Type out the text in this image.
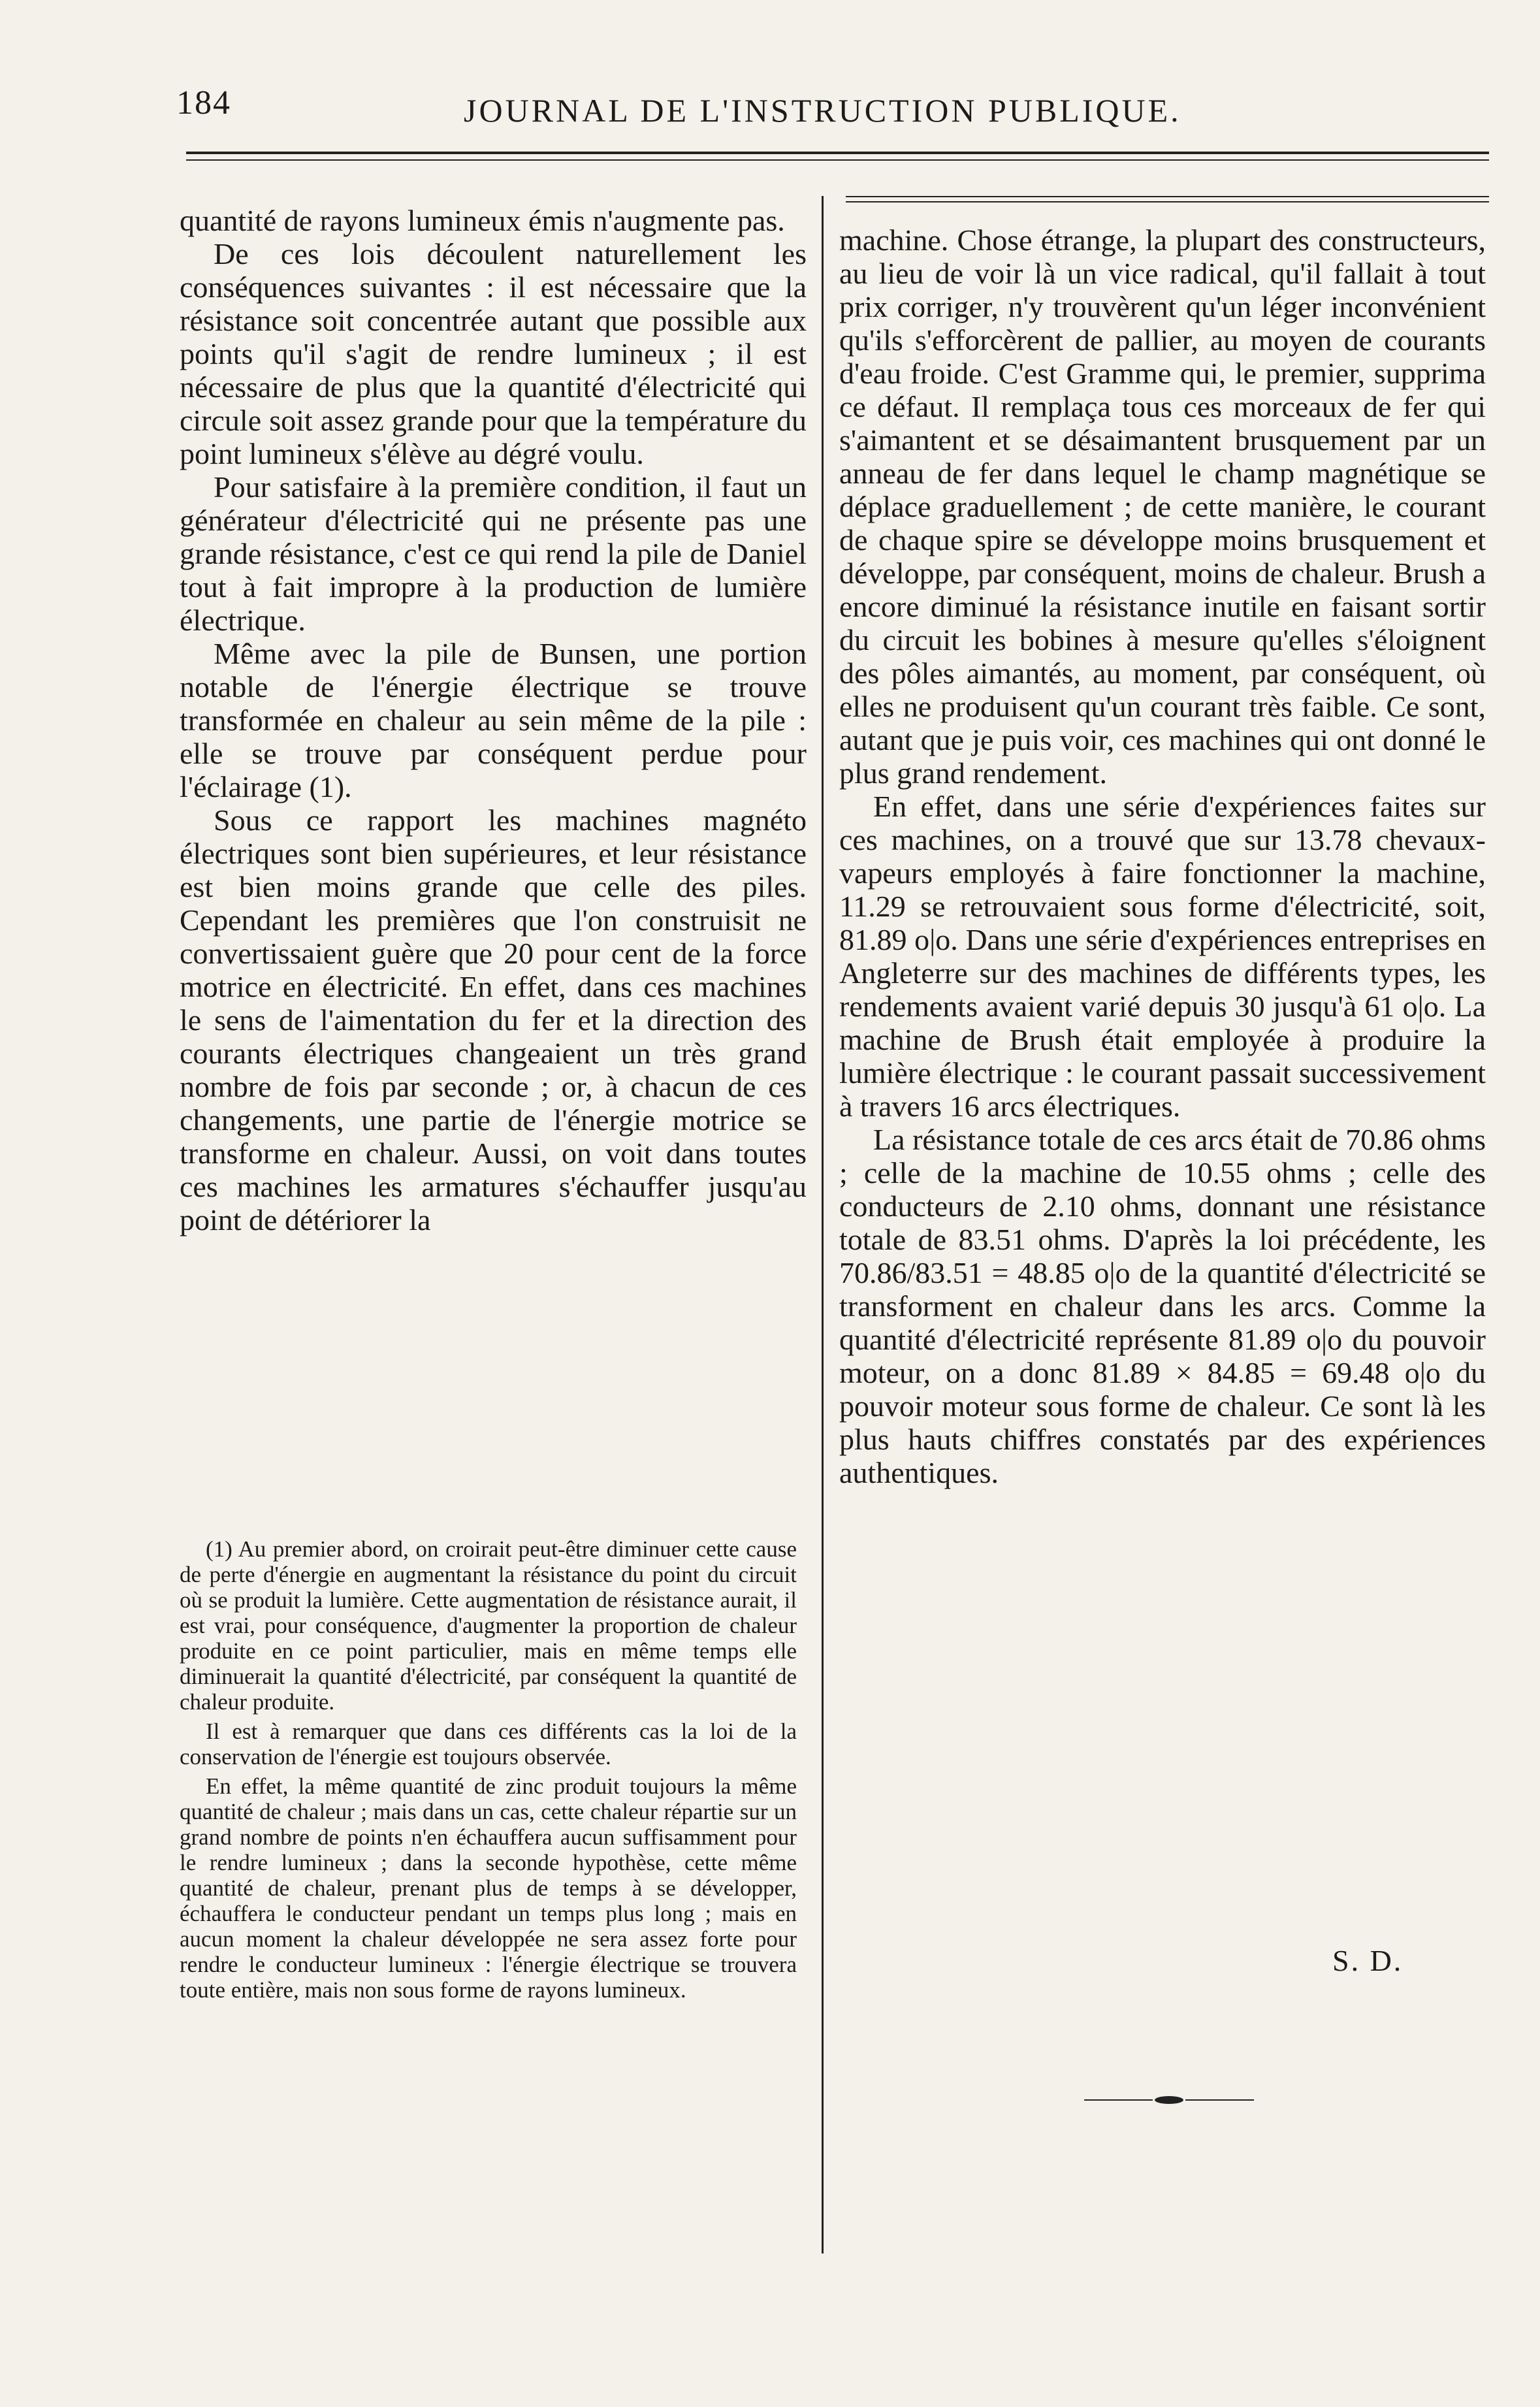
184	JOURNAL DE L'INSTRUCTION PUBLIQUE.

quantité de rayons lumineux émis n'augmente pas.

De ces lois découlent naturellement les conséquences suivantes : il est nécessaire que la résistance soit concentrée autant que possible aux points qu'il s'agit de rendre lumineux ; il est nécessaire de plus que la quantité d'électricité qui circule soit assez grande pour que la température du point lumineux s'élève au dégré voulu.

Pour satisfaire à la première condition, il faut un générateur d'électricité qui ne présente pas une grande résistance, c'est ce qui rend la pile de Daniel tout à fait impropre à la production de lumière électrique.

Même avec la pile de Bunsen, une portion notable de l'énergie électrique se trouve transformée en chaleur au sein même de la pile : elle se trouve par conséquent perdue pour l'éclairage (1).

Sous ce rapport les machines magnéto électriques sont bien supérieures, et leur résistance est bien moins grande que celle des piles. Cependant les premières que l'on construisit ne convertissaient guère que 20 pour cent de la force motrice en électricité. En effet, dans ces machines le sens de l'aimentation du fer et la direction des courants électriques changeaient un très grand nombre de fois par seconde ; or, à chacun de ces changements, une partie de l'énergie motrice se transforme en chaleur. Aussi, on voit dans toutes ces machines les armatures s'échauffer jusqu'au point de détériorer la

(1) Au premier abord, on croirait peut-être diminuer cette cause de perte d'énergie en augmentant la résistance du point du circuit où se produit la lumière. Cette augmentation de résistance aurait, il est vrai, pour conséquence, d'augmenter la proportion de chaleur produite en ce point particulier, mais en même temps elle diminuerait la quantité d'électricité, par conséquent la quantité de chaleur produite.

Il est à remarquer que dans ces différents cas la loi de la conservation de l'énergie est toujours observée.

En effet, la même quantité de zinc produit toujours la même quantité de chaleur ; mais dans un cas, cette chaleur répartie sur un grand nombre de points n'en échauffera aucun suffisamment pour le rendre lumineux ; dans la seconde hypothèse, cette même quantité de chaleur, prenant plus de temps à se développer, échauffera le conducteur pendant un temps plus long ; mais en aucun moment la chaleur développée ne sera assez forte pour rendre le conducteur lumineux : l'énergie électrique se trouvera toute entière, mais non sous forme de rayons lumineux.

machine. Chose étrange, la plupart des constructeurs, au lieu de voir là un vice radical, qu'il fallait à tout prix corriger, n'y trouvèrent qu'un léger inconvénient qu'ils s'efforcèrent de pallier, au moyen de courants d'eau froide. C'est Gramme qui, le premier, supprima ce défaut. Il remplaça tous ces morceaux de fer qui s'aimantent et se désaimantent brusquement par un anneau de fer dans lequel le champ magnétique se déplace graduellement ; de cette manière, le courant de chaque spire se développe moins brusquement et développe, par conséquent, moins de chaleur. Brush a encore diminué la résistance inutile en faisant sortir du circuit les bobines à mesure qu'elles s'éloignent des pôles aimantés, au moment, par conséquent, où elles ne produisent qu'un courant très faible. Ce sont, autant que je puis voir, ces machines qui ont donné le plus grand rendement.

En effet, dans une série d'expériences faites sur ces machines, on a trouvé que sur 13.78 chevaux-vapeurs employés à faire fonctionner la machine, 11.29 se retrouvaient sous forme d'électricité, soit, 81.89 o|o. Dans une série d'expériences entreprises en Angleterre sur des machines de différents types, les rendements avaient varié depuis 30 jusqu'à 61 o|o. La machine de Brush était employée à produire la lumière électrique : le courant passait successivement à travers 16 arcs électriques.

La résistance totale de ces arcs était de 70.86 ohms ; celle de la machine de 10.55 ohms ; celle des conducteurs de 2.10 ohms, donnant une résistance totale de 83.51 ohms. D'après la loi précédente, les 70.86/83.51 = 48.85 o|o de la quantité d'électricité se transforment en chaleur dans les arcs. Comme la quantité d'électricité représente 81.89 o|o du pouvoir moteur, on a donc 81.89 × 84.85 = 69.48 o|o du pouvoir moteur sous forme de chaleur. Ce sont là les plus hauts chiffres constatés par des expériences authentiques.

S. D.
